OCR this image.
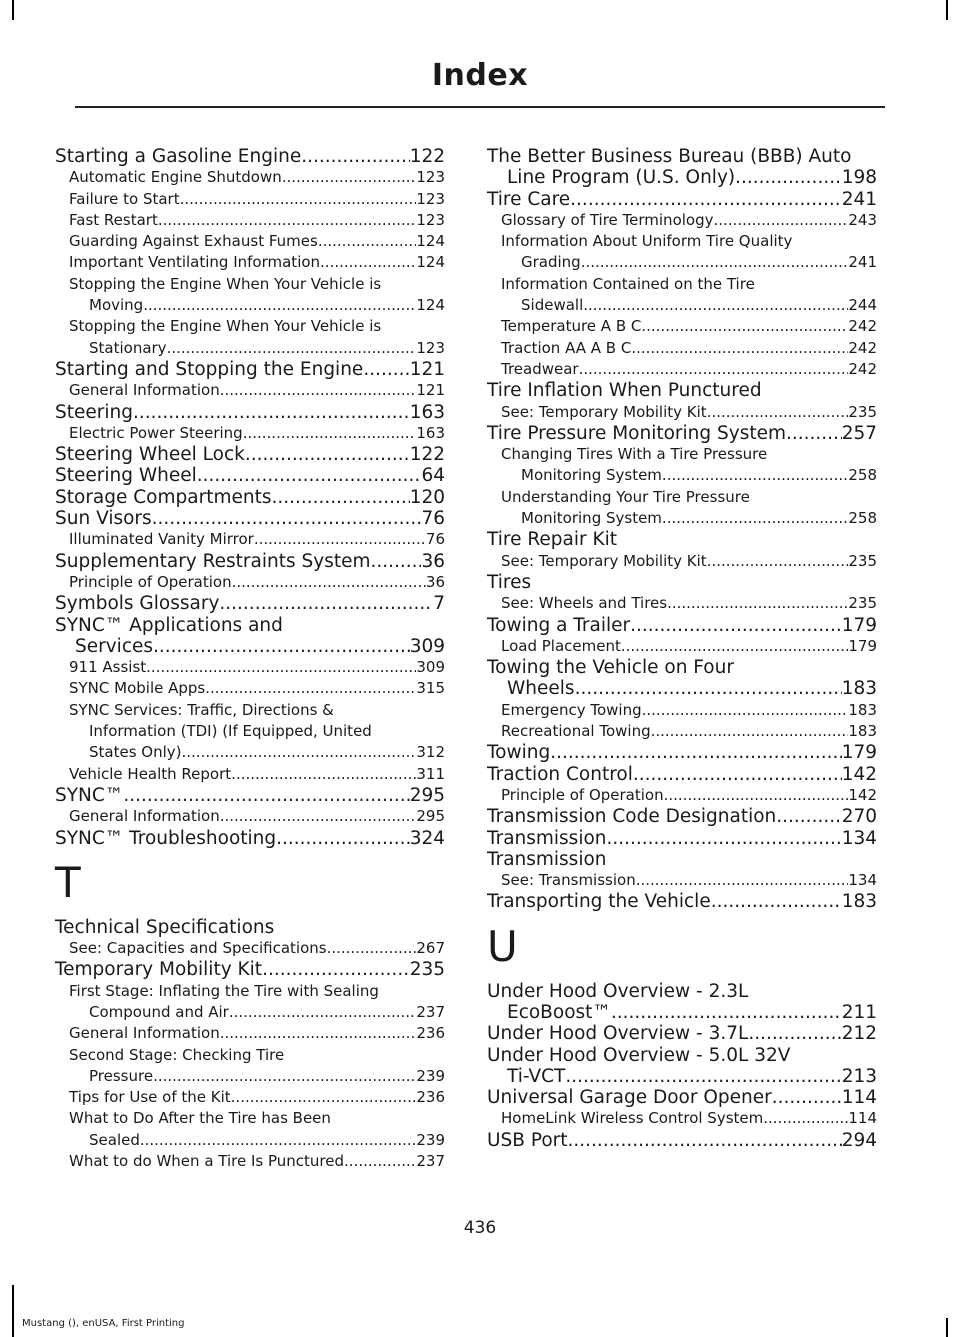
Index
Starting a Gasoline Engine .....	122
Automatic Engine Shutdown .....	123
Failure to Start .....	123
Fast Restart .....	123
Guarding Against Exhaust Fumes .....	124
Important Ventilating Information .....	124
Stopping the Engine When Your Vehicle is
Moving .....	124
Stopping the Engine When Your Vehicle is
Stationary .....	123
Starting and Stopping the Engine .....	121
General Information .....	121
Steering .....	163
Electric Power Steering .....	163
Steering Wheel Lock .....	122
Steering Wheel .....	64
Storage Compartments .....	120
Sun Visors .....	76
Illuminated Vanity Mirror .....	76
Supplementary Restraints System .....	36
Principle of Operation .....	36
Symbols Glossary .....	7
SYNC™ Applications and
Services .....	309
911 Assist .....	309
SYNC Mobile Apps .....	315
SYNC Services: Traffic, Directions &
Information (TDI) (If Equipped, United
States Only) .....	312
Vehicle Health Report .....	311
SYNC™ .....	295
General Information .....	295
SYNC™ Troubleshooting .....	324
T
Technical Specifications
See: Capacities and Specifications .....	267
Temporary Mobility Kit .....	235
First Stage: Inflating the Tire with Sealing
Compound and Air .....	237
General Information .....	236
Second Stage: Checking Tire
Pressure .....	239
Tips for Use of the Kit .....	236
What to Do After the Tire has Been
Sealed .....	239
What to do When a Tire Is Punctured .....	237
The Better Business Bureau (BBB) Auto
Line Program (U.S. Only) .....	198
Tire Care .....	241
Glossary of Tire Terminology .....	243
Information About Uniform Tire Quality
Grading .....	241
Information Contained on the Tire
Sidewall .....	244
Temperature A B C .....	242
Traction AA A B C .....	242
Treadwear .....	242
Tire Inflation When Punctured
See: Temporary Mobility Kit .....	235
Tire Pressure Monitoring System .....	257
Changing Tires With a Tire Pressure
Monitoring System .....	258
Understanding Your Tire Pressure
Monitoring System .....	258
Tire Repair Kit
See: Temporary Mobility Kit .....	235
Tires
See: Wheels and Tires .....	235
Towing a Trailer .....	179
Load Placement .....	179
Towing the Vehicle on Four
Wheels .....	183
Emergency Towing .....	183
Recreational Towing .....	183
Towing .....	179
Traction Control .....	142
Principle of Operation .....	142
Transmission Code Designation .....	270
Transmission .....	134
Transmission
See: Transmission .....	134
Transporting the Vehicle .....	183
U
Under Hood Overview - 2.3L
EcoBoost™ .....	211
Under Hood Overview - 3.7L .....	212
Under Hood Overview - 5.0L 32V
Ti-VCT .....	213
Universal Garage Door Opener .....	114
HomeLink Wireless Control System .....	114
USB Port .....	294
436
Mustang (), enUSA, First Printing
